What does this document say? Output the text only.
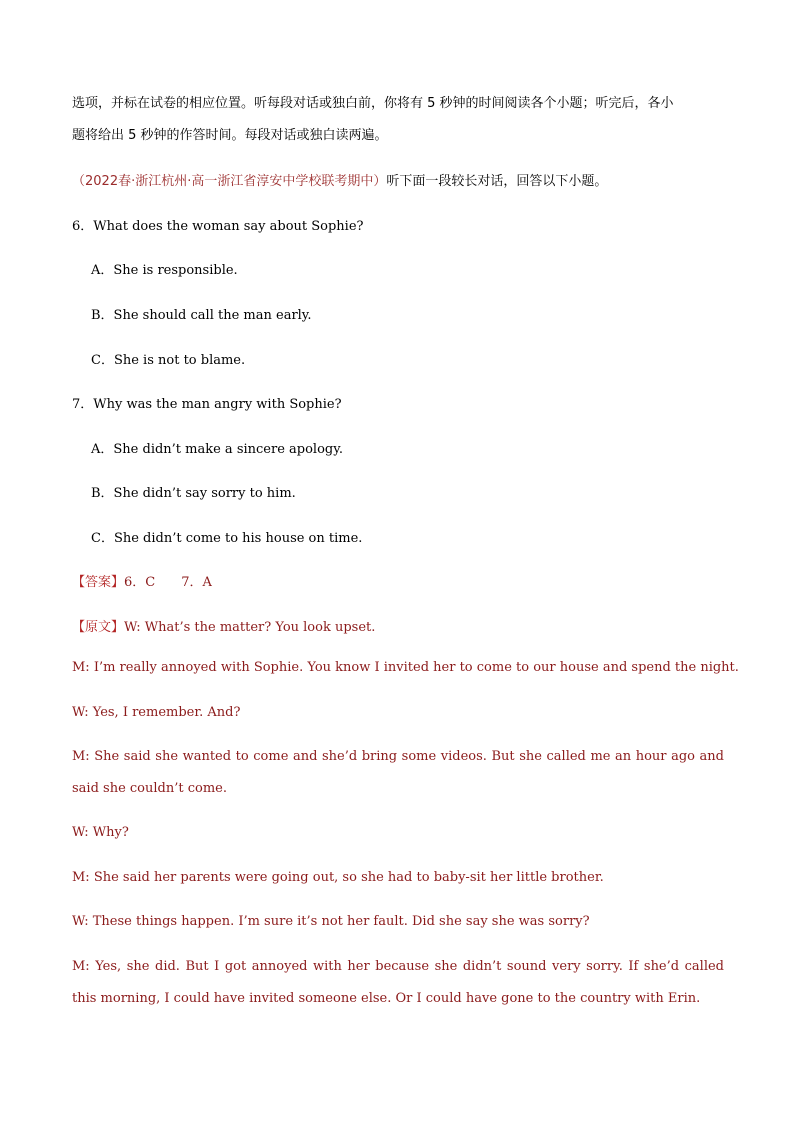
选项，并标在试卷的相应位置。听每段对话或独白前，你将有 5 秒钟的时间阅读各个小题；听完后，各小
题将给出 5 秒钟的作答时间。每段对话或独白读两遍。
（2022春·浙江杭州·高一浙江省淳安中学校联考期中）听下面一段较长对话，回答以下小题。
6．What does the woman say about Sophie?
A．She is responsible.
B．She should call the man early.
C．She is not to blame.
7．Why was the man angry with Sophie?
A．She didn’t make a sincere apology.
B．She didn’t say sorry to him.
C．She didn’t come to his house on time.
【答案】6．C　　7．A
【原文】W: What’s the matter? You look upset.
M: I’m really annoyed with Sophie. You know I invited her to come to our house and spend the night.
W: Yes, I remember. And?
M: She said she wanted to come and she’d bring some videos. But she called me an hour ago and said she couldn’t come.
W: Why?
M: She said her parents were going out, so she had to baby-sit her little brother.
W: These things happen. I’m sure it’s not her fault. Did she say she was sorry?
M: Yes, she did. But I got annoyed with her because she didn’t sound very sorry. If she’d called this morning, I could have invited someone else. Or I could have gone to the country with Erin.
